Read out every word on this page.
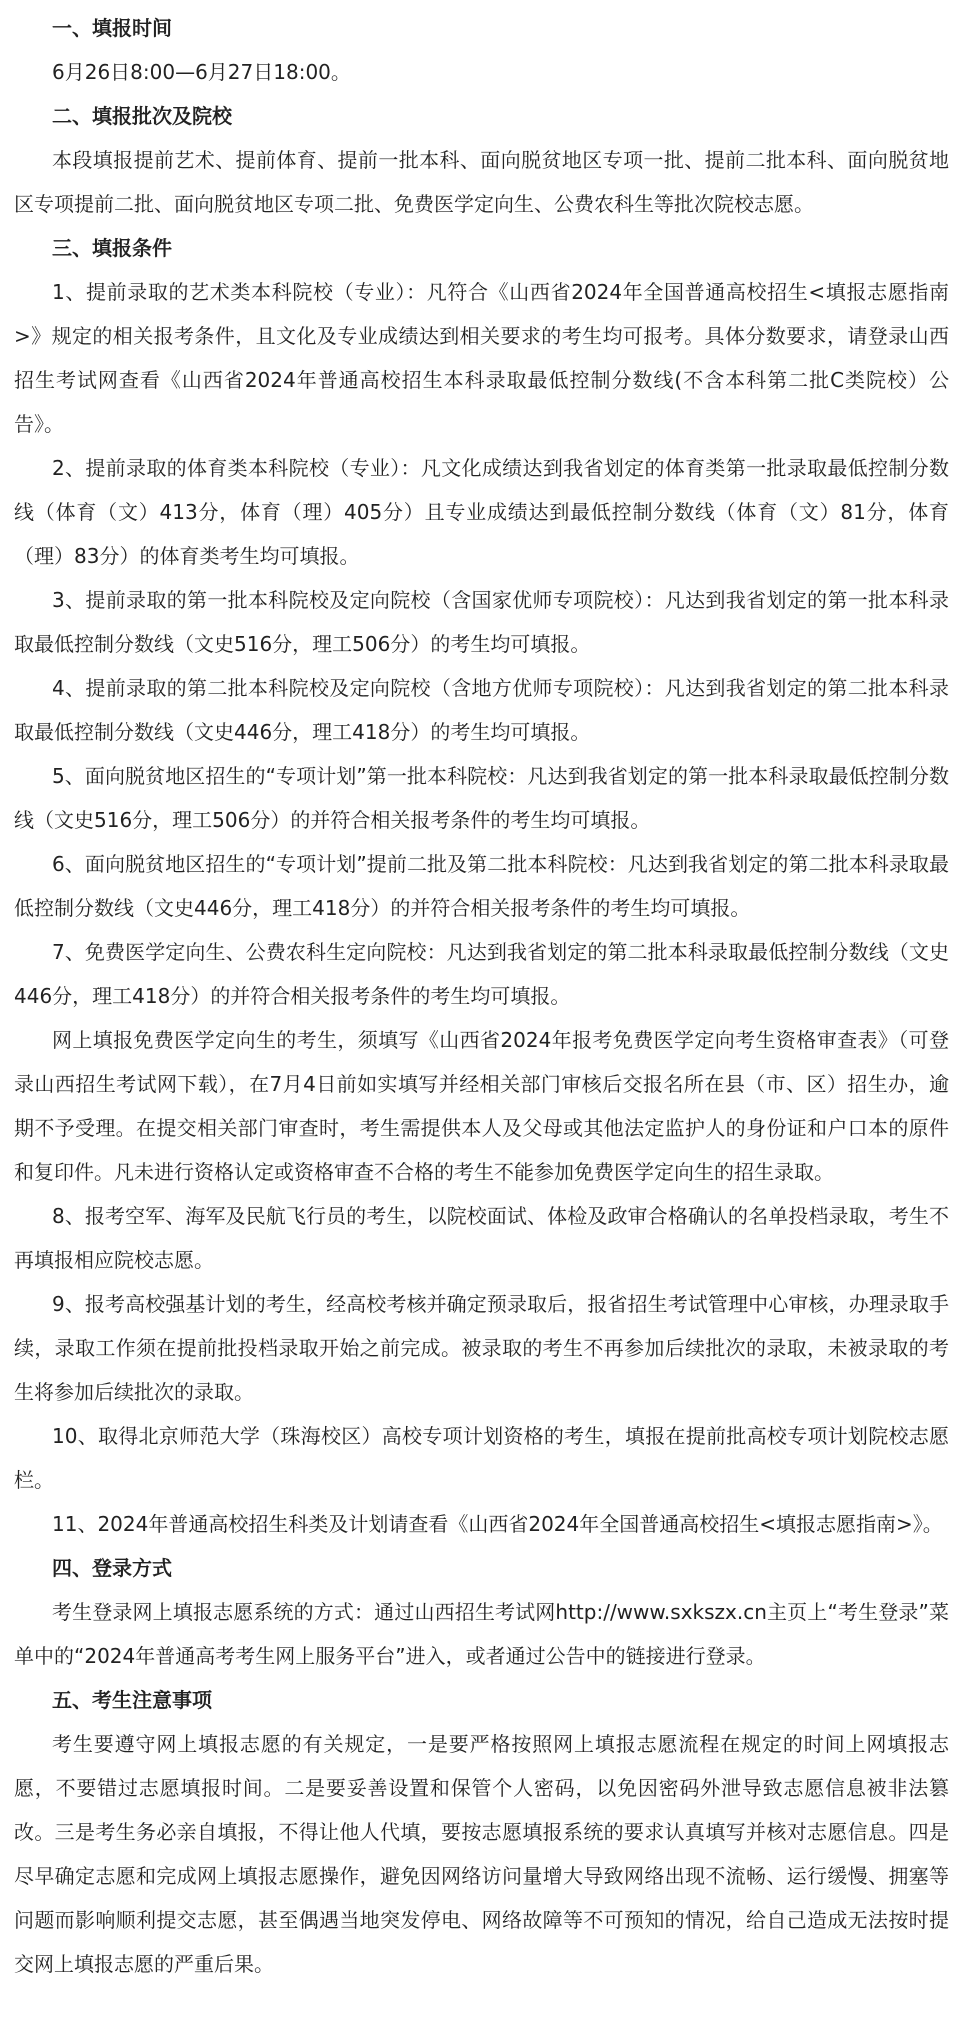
一、填报时间

6月26日8:00—6月27日18:00。

二、填报批次及院校

本段填报提前艺术、提前体育、提前一批本科、面向脱贫地区专项一批、提前二批本科、面向脱贫地区专项提前二批、面向脱贫地区专项二批、免费医学定向生、公费农科生等批次院校志愿。

三、填报条件

1、提前录取的艺术类本科院校（专业）：凡符合《山西省2024年全国普通高校招生<填报志愿指南>》规定的相关报考条件，且文化及专业成绩达到相关要求的考生均可报考。具体分数要求，请登录山西招生考试网查看《山西省2024年普通高校招生本科录取最低控制分数线(不含本科第二批C类院校）公告》。

2、提前录取的体育类本科院校（专业）：凡文化成绩达到我省划定的体育类第一批录取最低控制分数线（体育（文）413分，体育（理）405分）且专业成绩达到最低控制分数线（体育（文）81分，体育（理）83分）的体育类考生均可填报。

3、提前录取的第一批本科院校及定向院校（含国家优师专项院校）：凡达到我省划定的第一批本科录取最低控制分数线（文史516分，理工506分）的考生均可填报。

4、提前录取的第二批本科院校及定向院校（含地方优师专项院校）：凡达到我省划定的第二批本科录取最低控制分数线（文史446分，理工418分）的考生均可填报。

5、面向脱贫地区招生的“专项计划”第一批本科院校：凡达到我省划定的第一批本科录取最低控制分数线（文史516分，理工506分）的并符合相关报考条件的考生均可填报。

6、面向脱贫地区招生的“专项计划”提前二批及第二批本科院校：凡达到我省划定的第二批本科录取最低控制分数线（文史446分，理工418分）的并符合相关报考条件的考生均可填报。

7、免费医学定向生、公费农科生定向院校：凡达到我省划定的第二批本科录取最低控制分数线（文史446分，理工418分）的并符合相关报考条件的考生均可填报。

网上填报免费医学定向生的考生，须填写《山西省2024年报考免费医学定向考生资格审查表》（可登录山西招生考试网下载），在7月4日前如实填写并经相关部门审核后交报名所在县（市、区）招生办，逾期不予受理。在提交相关部门审查时，考生需提供本人及父母或其他法定监护人的身份证和户口本的原件和复印件。凡未进行资格认定或资格审查不合格的考生不能参加免费医学定向生的招生录取。

8、报考空军、海军及民航飞行员的考生，以院校面试、体检及政审合格确认的名单投档录取，考生不再填报相应院校志愿。

9、报考高校强基计划的考生，经高校考核并确定预录取后，报省招生考试管理中心审核，办理录取手续，录取工作须在提前批投档录取开始之前完成。被录取的考生不再参加后续批次的录取，未被录取的考生将参加后续批次的录取。

10、取得北京师范大学（珠海校区）高校专项计划资格的考生，填报在提前批高校专项计划院校志愿栏。

11、2024年普通高校招生科类及计划请查看《山西省2024年全国普通高校招生<填报志愿指南>》。

四、登录方式

考生登录网上填报志愿系统的方式：通过山西招生考试网http://www.sxkszx.cn主页上“考生登录”菜单中的“2024年普通高考考生网上服务平台”进入，或者通过公告中的链接进行登录。

五、考生注意事项

考生要遵守网上填报志愿的有关规定，一是要严格按照网上填报志愿流程在规定的时间上网填报志愿，不要错过志愿填报时间。二是要妥善设置和保管个人密码，以免因密码外泄导致志愿信息被非法篡改。三是考生务必亲自填报，不得让他人代填，要按志愿填报系统的要求认真填写并核对志愿信息。四是尽早确定志愿和完成网上填报志愿操作，避免因网络访问量增大导致网络出现不流畅、运行缓慢、拥塞等问题而影响顺利提交志愿，甚至偶遇当地突发停电、网络故障等不可预知的情况，给自己造成无法按时提交网上填报志愿的严重后果。
